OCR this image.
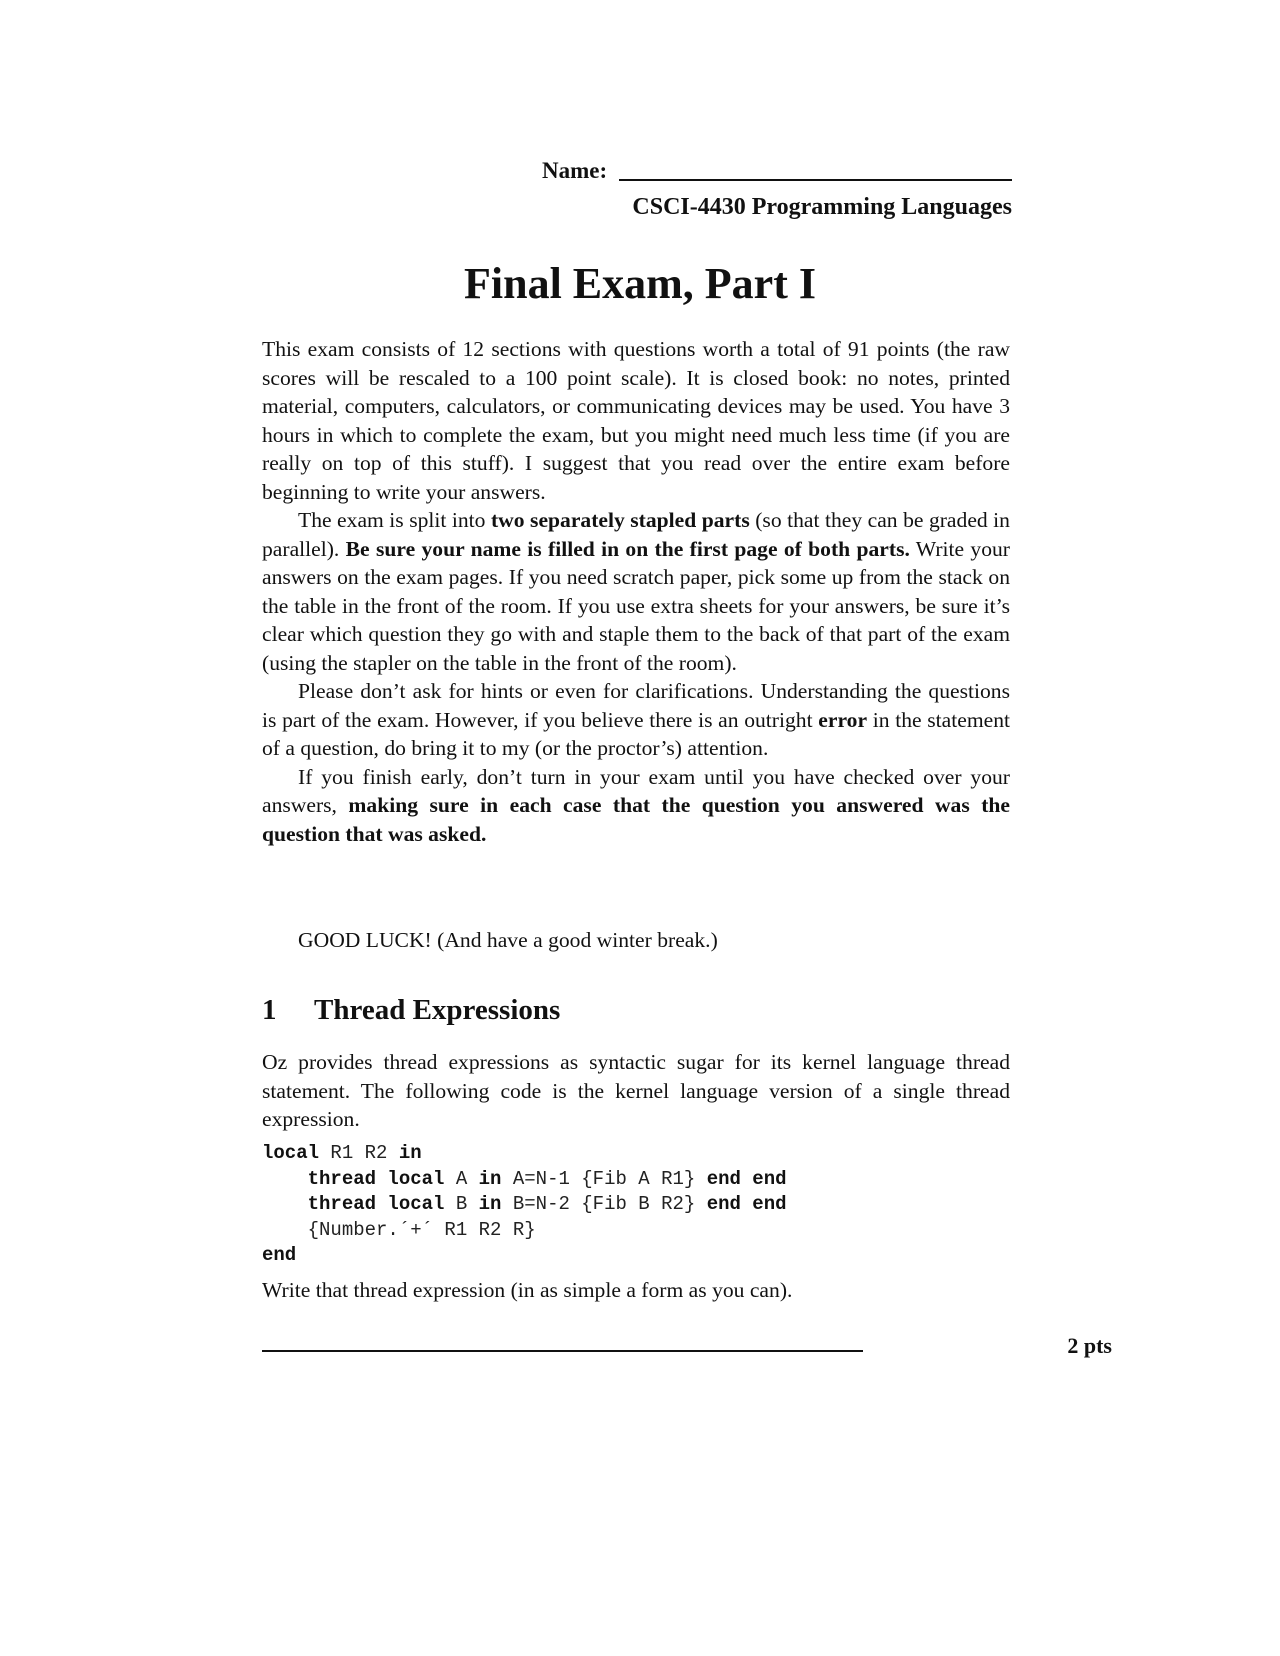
Name:
CSCI-4430 Programming Languages
Final Exam, Part I

This exam consists of 12 sections with questions worth a total of 91 points (the raw scores will be rescaled to a 100 point scale). It is closed book: no notes, printed material, computers, calculators, or communicating devices may be used. You have 3 hours in which to complete the exam, but you might need much less time (if you are really on top of this stuff). I suggest that you read over the entire exam before beginning to write your answers.

The exam is split into two separately stapled parts (so that they can be graded in parallel). Be sure your name is filled in on the first page of both parts. Write your answers on the exam pages. If you need scratch paper, pick some up from the stack on the table in the front of the room. If you use extra sheets for your answers, be sure it’s clear which question they go with and staple them to the back of that part of the exam (using the stapler on the table in the front of the room).

Please don’t ask for hints or even for clarifications. Understanding the questions is part of the exam. However, if you believe there is an outright error in the statement of a question, do bring it to my (or the proctor’s) attention.

If you finish early, don’t turn in your exam until you have checked over your answers, making sure in each case that the question you answered was the question that was asked.

GOOD LUCK! (And have a good winter break.)
1	Thread Expressions
Oz provides thread expressions as syntactic sugar for its kernel language thread statement. The following code is the kernel language version of a single thread expression.
local R1 R2 in
thread local A in A=N-1 {Fib A R1} end end
thread local B in B=N-2 {Fib B R2} end end
{Number.´+´ R1 R2 R}
end
Write that thread expression (in as simple a form as you can).
2 pts
